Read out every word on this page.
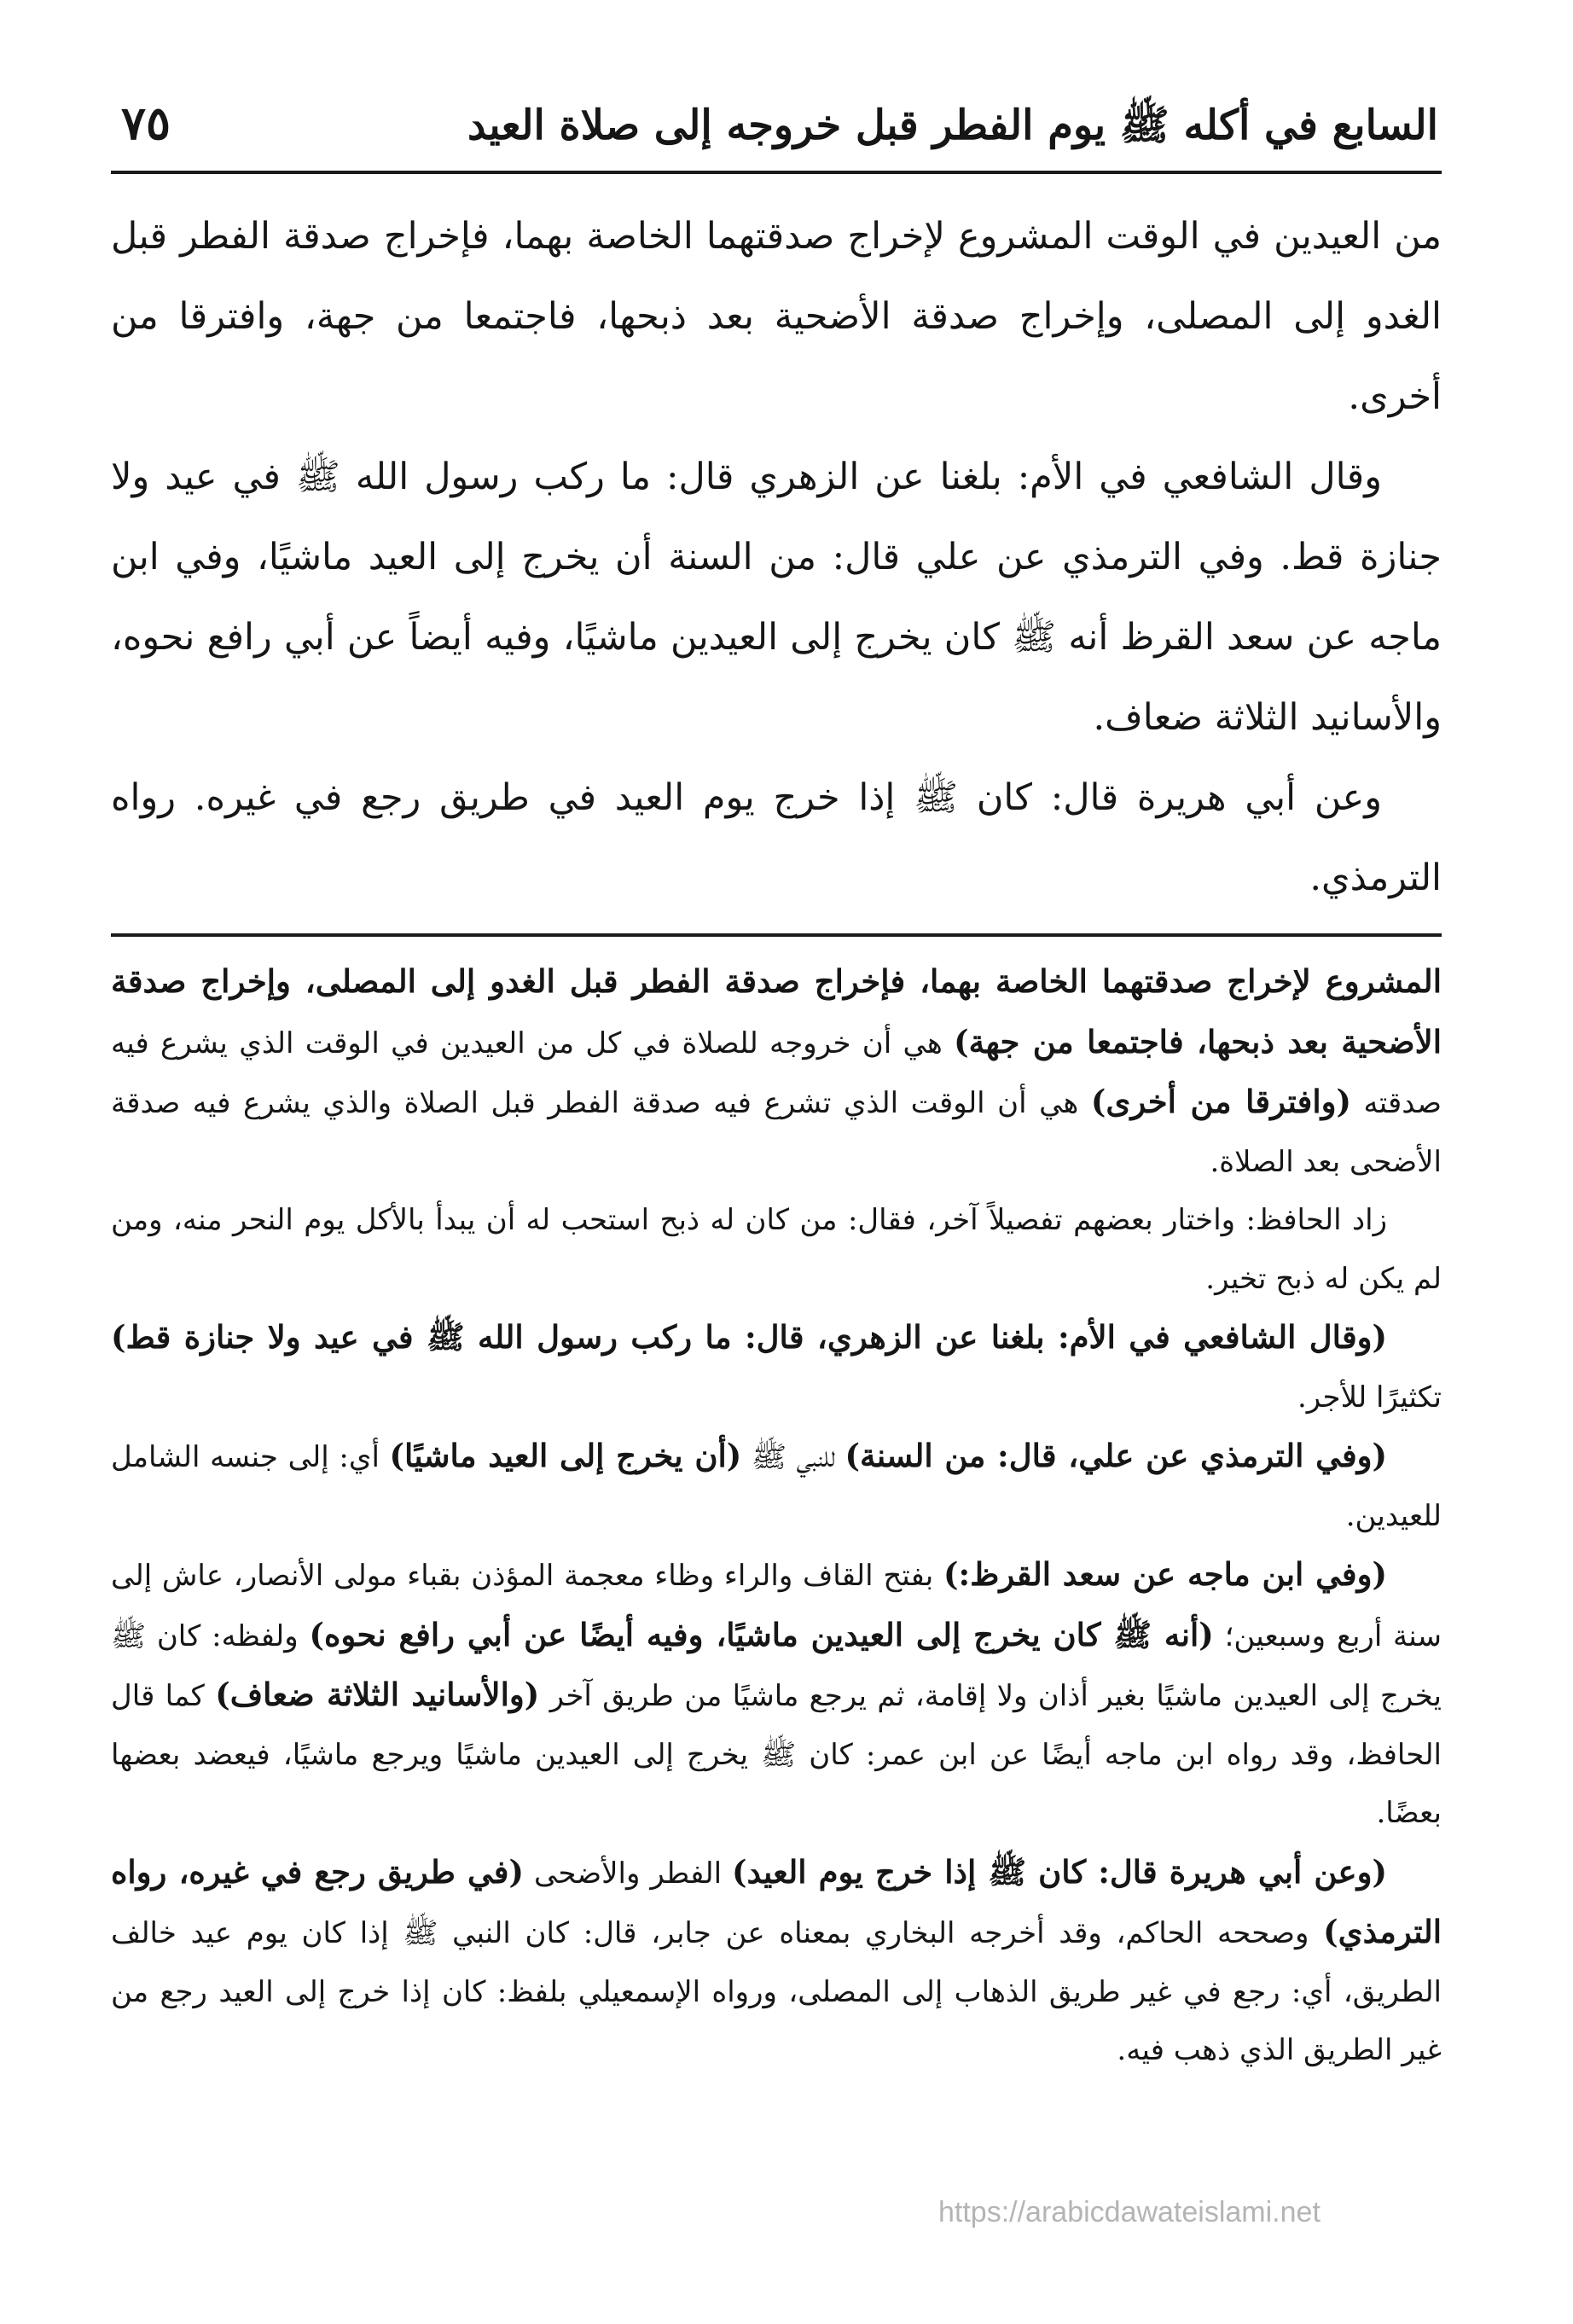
٧٥	السابع في أكله ﷺ يوم الفطر قبل خروجه إلى صلاة العيد

من العيدين في الوقت المشروع لإخراج صدقتهما الخاصة بهما، فإخراج صدقة الفطر قبل الغدو إلى المصلى، وإخراج صدقة الأضحية بعد ذبحها، فاجتمعا من جهة، وافترقا من أخرى.

وقال الشافعي في الأم: بلغنا عن الزهري قال: ما ركب رسول الله ﷺ في عيد ولا جنازة قط. وفي الترمذي عن علي قال: من السنة أن يخرج إلى العيد ماشيًا، وفي ابن ماجه عن سعد القرظ أنه ﷺ كان يخرج إلى العيدين ماشيًا، وفيه أيضاً عن أبي رافع نحوه، والأسانيد الثلاثة ضعاف.

وعن أبي هريرة قال: كان ﷺ إذا خرج يوم العيد في طريق رجع في غيره. رواه الترمذي.

المشروع لإخراج صدقتهما الخاصة بهما، فإخراج صدقة الفطر قبل الغدو إلى المصلى، وإخراج صدقة الأضحية بعد ذبحها، فاجتمعا من جهة) هي أن خروجه للصلاة في كل من العيدين في الوقت الذي يشرع فيه صدقته (وافترقا من أخرى) هي أن الوقت الذي تشرع فيه صدقة الفطر قبل الصلاة والذي يشرع فيه صدقة الأضحى بعد الصلاة.

زاد الحافظ: واختار بعضهم تفصيلاً آخر، فقال: من كان له ذبح استحب له أن يبدأ بالأكل يوم النحر منه، ومن لم يكن له ذبح تخير.

(وقال الشافعي في الأم: بلغنا عن الزهري، قال: ما ركب رسول الله ﷺ في عيد ولا جنازة قط) تكثيرًا للأجر.

(وفي الترمذي عن علي، قال: من السنة) للنبي ﷺ (أن يخرج إلى العيد ماشيًا) أي: إلى جنسه الشامل للعيدين.

(وفي ابن ماجه عن سعد القرظ:) بفتح القاف والراء وظاء معجمة المؤذن بقباء مولى الأنصار، عاش إلى سنة أربع وسبعين؛ (أنه ﷺ كان يخرج إلى العيدين ماشيًا، وفيه أيضًا عن أبي رافع نحوه) ولفظه: كان ﷺ يخرج إلى العيدين ماشيًا بغير أذان ولا إقامة، ثم يرجع ماشيًا من طريق آخر (والأسانيد الثلاثة ضعاف) كما قال الحافظ، وقد رواه ابن ماجه أيضًا عن ابن عمر: كان ﷺ يخرج إلى العيدين ماشيًا ويرجع ماشيًا، فيعضد بعضها بعضًا.

(وعن أبي هريرة قال: كان ﷺ إذا خرج يوم العيد) الفطر والأضحى (في طريق رجع في غيره، رواه الترمذي) وصححه الحاكم، وقد أخرجه البخاري بمعناه عن جابر، قال: كان النبي ﷺ إذا كان يوم عيد خالف الطريق، أي: رجع في غير طريق الذهاب إلى المصلى، ورواه الإسمعيلي بلفظ: كان إذا خرج إلى العيد رجع من غير الطريق الذي ذهب فيه.

https://arabicdawateislami.net
